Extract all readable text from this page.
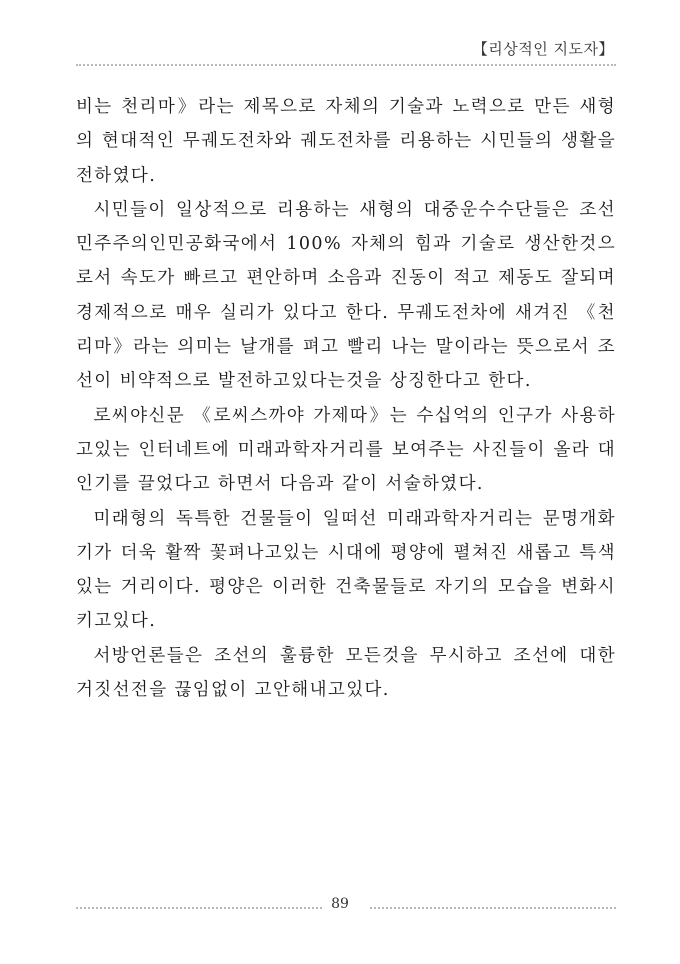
【리상적인 지도자】

비는 천리마》라는 제목으로 자체의 기술과 노력으로 만든 새형의 현대적인 무궤도전차와 궤도전차를 리용하는 시민들의 생활을 전하였다.

시민들이 일상적으로 리용하는 새형의 대중운수수단들은 조선민주주의인민공화국에서 100% 자체의 힘과 기술로 생산한것으로서 속도가 빠르고 편안하며 소음과 진동이 적고 제동도 잘되며 경제적으로 매우 실리가 있다고 한다. 무궤도전차에 새겨진 《천리마》라는 의미는 날개를 펴고 빨리 나는 말이라는 뜻으로서 조선이 비약적으로 발전하고있다는것을 상징한다고 한다.

로씨야신문 《로씨스까야 가제따》는 수십억의 인구가 사용하고있는 인터네트에 미래과학자거리를 보여주는 사진들이 올라 대인기를 끌었다고 하면서 다음과 같이 서술하였다.

미래형의 독특한 건물들이 일떠선 미래과학자거리는 문명개화기가 더욱 활짝 꽃펴나고있는 시대에 평양에 펼쳐진 새롭고 특색있는 거리이다. 평양은 이러한 건축물들로 자기의 모습을 변화시키고있다.

서방언론들은 조선의 훌륭한 모든것을 무시하고 조선에 대한 거짓선전을 끊임없이 고안해내고있다.

89
